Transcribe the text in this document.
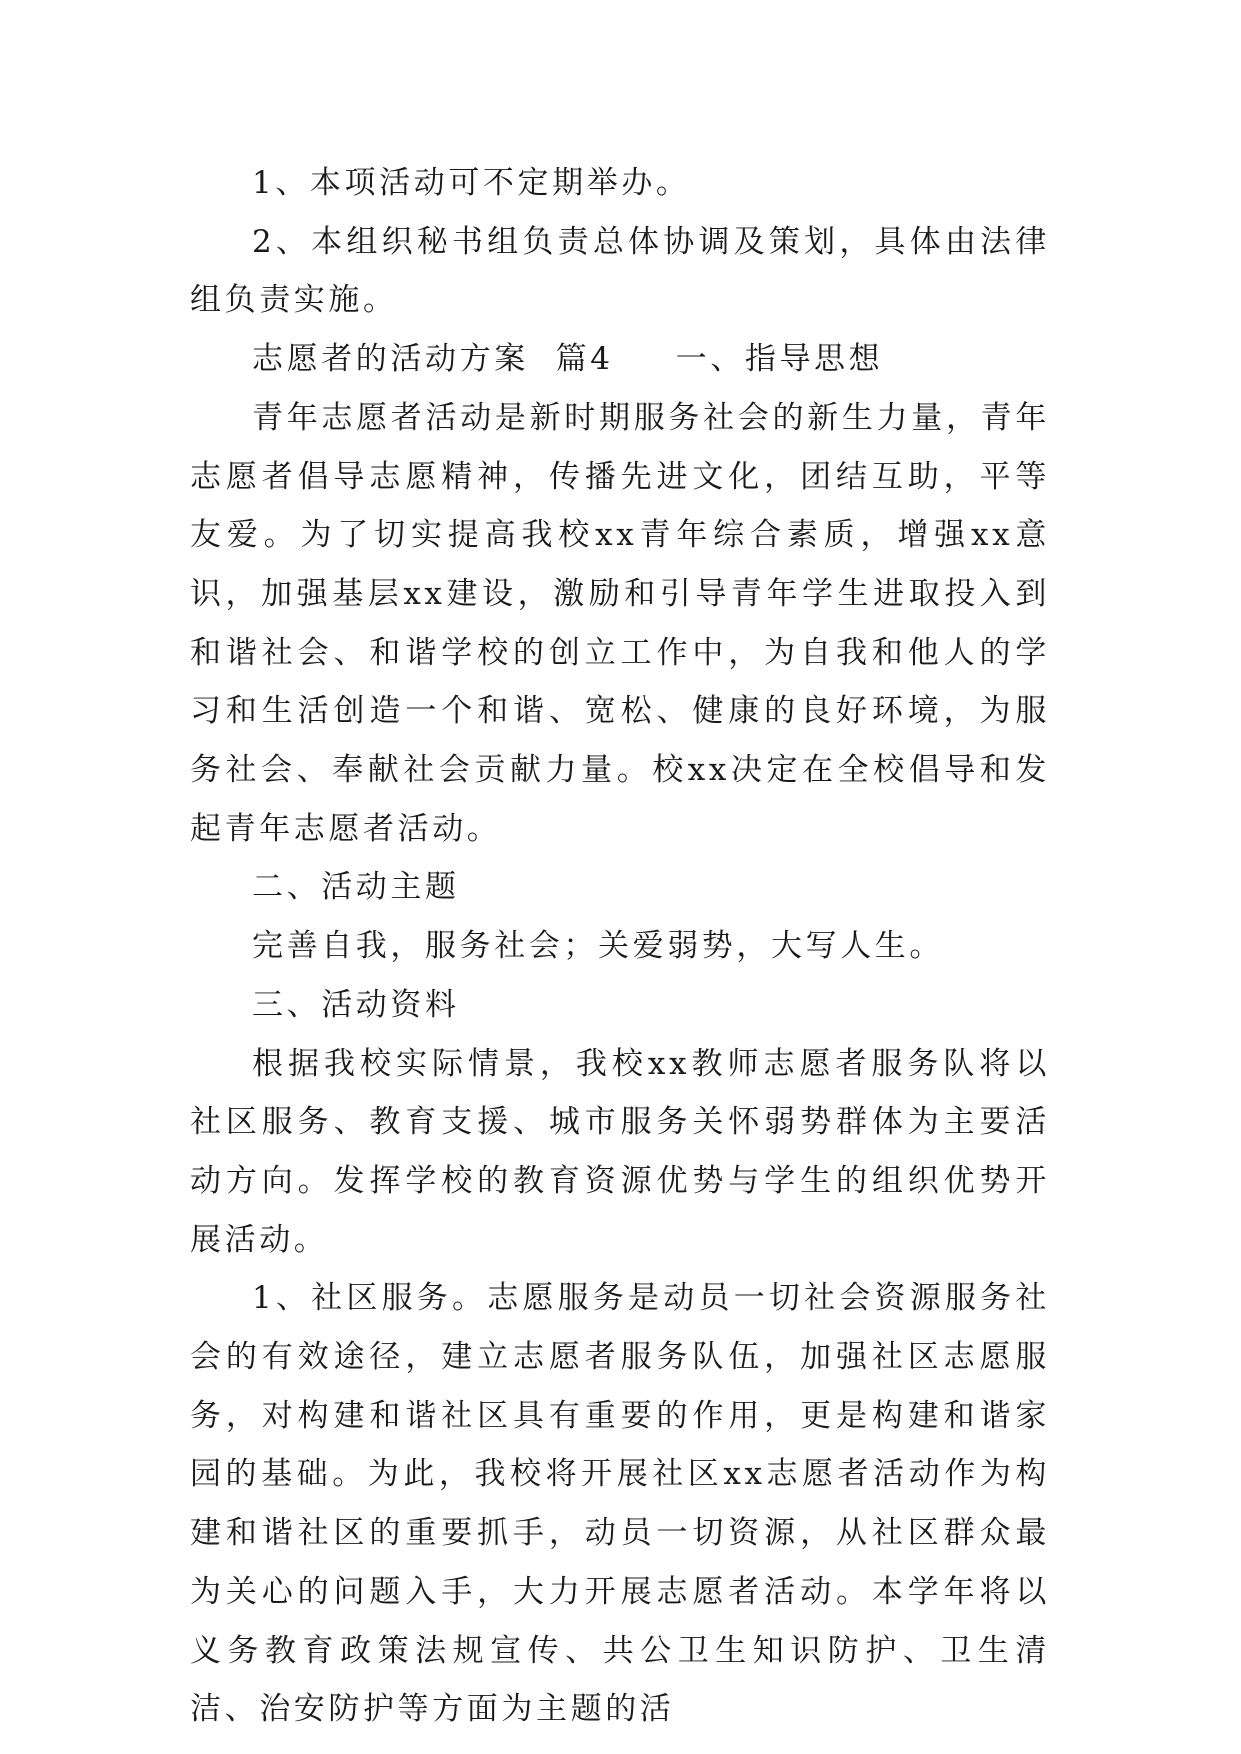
1、本项活动可不定期举办。

2、本组织秘书组负责总体协调及策划，具体由法律组负责实施。

志愿者的活动方案  篇4 一、指导思想

青年志愿者活动是新时期服务社会的新生力量，青年志愿者倡导志愿精神，传播先进文化，团结互助，平等友爱。为了切实提高我校xx青年综合素质，增强xx意识，加强基层xx建设，激励和引导青年学生进取投入到和谐社会、和谐学校的创立工作中，为自我和他人的学习和生活创造一个和谐、宽松、健康的良好环境，为服务社会、奉献社会贡献力量。校xx决定在全校倡导和发起青年志愿者活动。

二、活动主题

完善自我，服务社会；关爱弱势，大写人生。

三、活动资料

根据我校实际情景，我校xx教师志愿者服务队将以社区服务、教育支援、城市服务关怀弱势群体为主要活动方向。发挥学校的教育资源优势与学生的组织优势开展活动。

1、社区服务。志愿服务是动员一切社会资源服务社会的有效途径，建立志愿者服务队伍，加强社区志愿服务，对构建和谐社区具有重要的作用，更是构建和谐家园的基础。为此，我校将开展社区xx志愿者活动作为构建和谐社区的重要抓手，动员一切资源，从社区群众最为关心的问题入手，大力开展志愿者活动。本学年将以义务教育政策法规宣传、共公卫生知识防护、卫生清洁、治安防护等方面为主题的活
